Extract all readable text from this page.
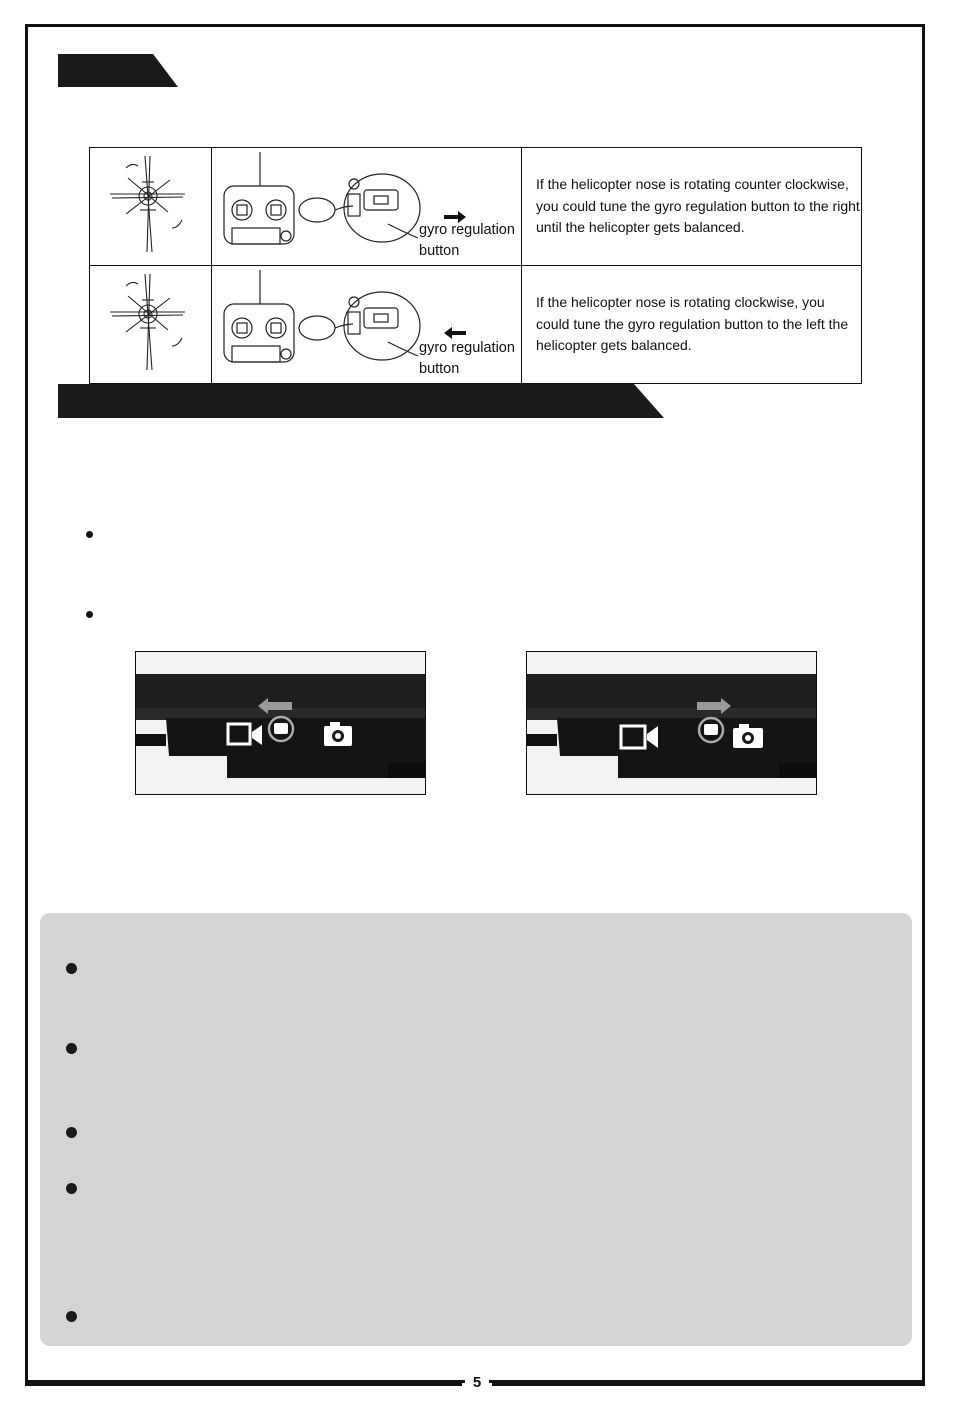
gyro regulation
button	If the helicopter nose is rotating counter clockwise, you could tune the gyro regulation button to the right until the helicopter gets balanced.

gyro regulation
button	If the helicopter nose is rotating clockwise, you could tune the gyro regulation button to the left the helicopter gets balanced.
5
